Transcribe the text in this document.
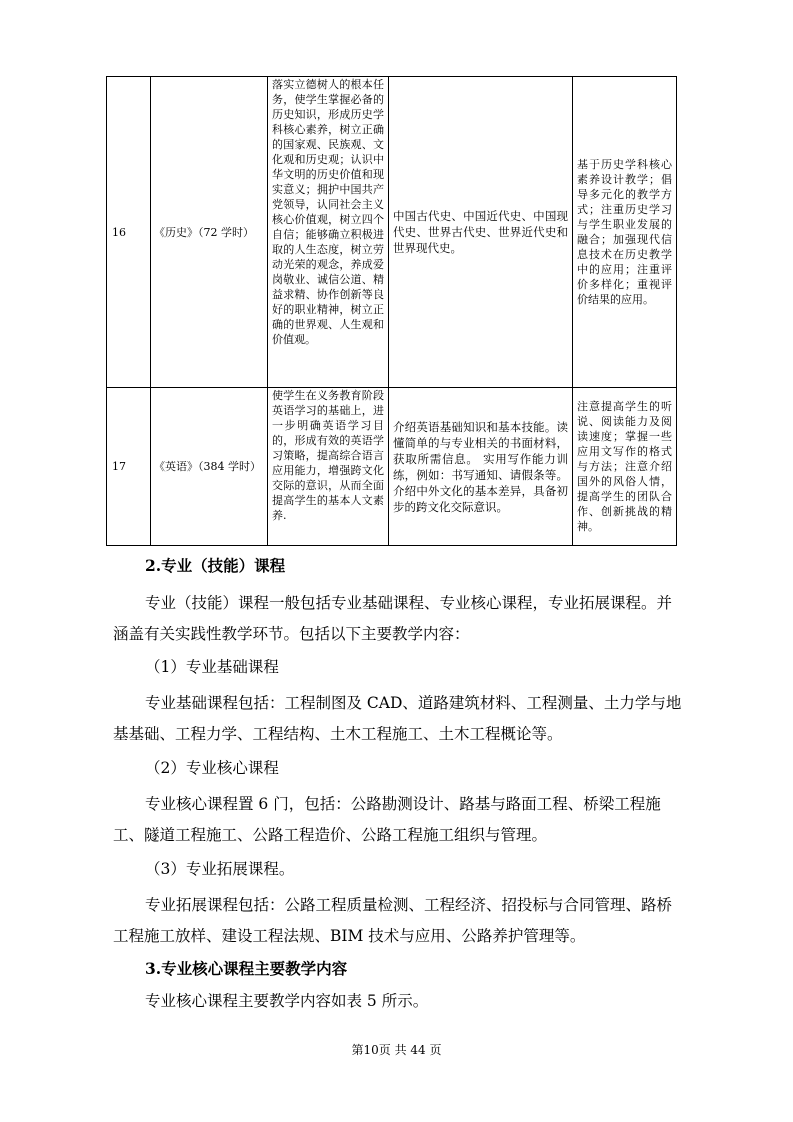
16	《历史》（72 学时）	落实立德树人的根本任务，使学生掌握必备的历史知识，形成历史学科核心素养，树立正确的国家观、民族观、文化观和历史观；认识中华文明的历史价值和现实意义；拥护中国共产党领导，认同社会主义核心价值观，树立四个自信；能够确立积极进取的人生态度，树立劳动光荣的观念，养成爱岗敬业、诚信公道、精益求精、协作创新等良好的职业精神，树立正确的世界观、人生观和价值观。	中国古代史、中国近代史、中国现代史、世界古代史、世界近代史和世界现代史。	基于历史学科核心素养设计教学；倡导多元化的教学方式；注重历史学习与学生职业发展的融合；加强现代信息技术在历史教学中的应用；注重评价多样化；重视评价结果的应用。
17	《英语》（384 学时）	使学生在义务教育阶段英语学习的基础上，进一步明确英语学习目的，形成有效的英语学习策略，提高综合语言应用能力，增强跨文化交际的意识，从而全面提高学生的基本人文素养.	介绍英语基础知识和基本技能。读懂简单的与专业相关的书面材料，获取所需信息。 实用写作能力训练，例如：书写通知、请假条等。 介绍中外文化的基本差异，具备初步的跨文化交际意识。	注意提高学生的听说、阅读能力及阅读速度；掌握一些应用文写作的格式与方法；注意介绍国外的风俗人情，提高学生的团队合作、创新挑战的精神。
2.专业（技能）课程
专业（技能）课程一般包括专业基础课程、专业核心课程，专业拓展课程。并涵盖有关实践性教学环节。包括以下主要教学内容：
（1）专业基础课程
专业基础课程包括：工程制图及 CAD、道路建筑材料、工程测量、土力学与地基基础、工程力学、工程结构、土木工程施工、土木工程概论等。
（2）专业核心课程
专业核心课程置 6 门，包括：公路勘测设计、路基与路面工程、桥梁工程施工、隧道工程施工、公路工程造价、公路工程施工组织与管理。
（3）专业拓展课程。
专业拓展课程包括：公路工程质量检测、工程经济、招投标与合同管理、路桥工程施工放样、建设工程法规、BIM 技术与应用、公路养护管理等。
3.专业核心课程主要教学内容
专业核心课程主要教学内容如表 5 所示。
第10页 共 44 页
